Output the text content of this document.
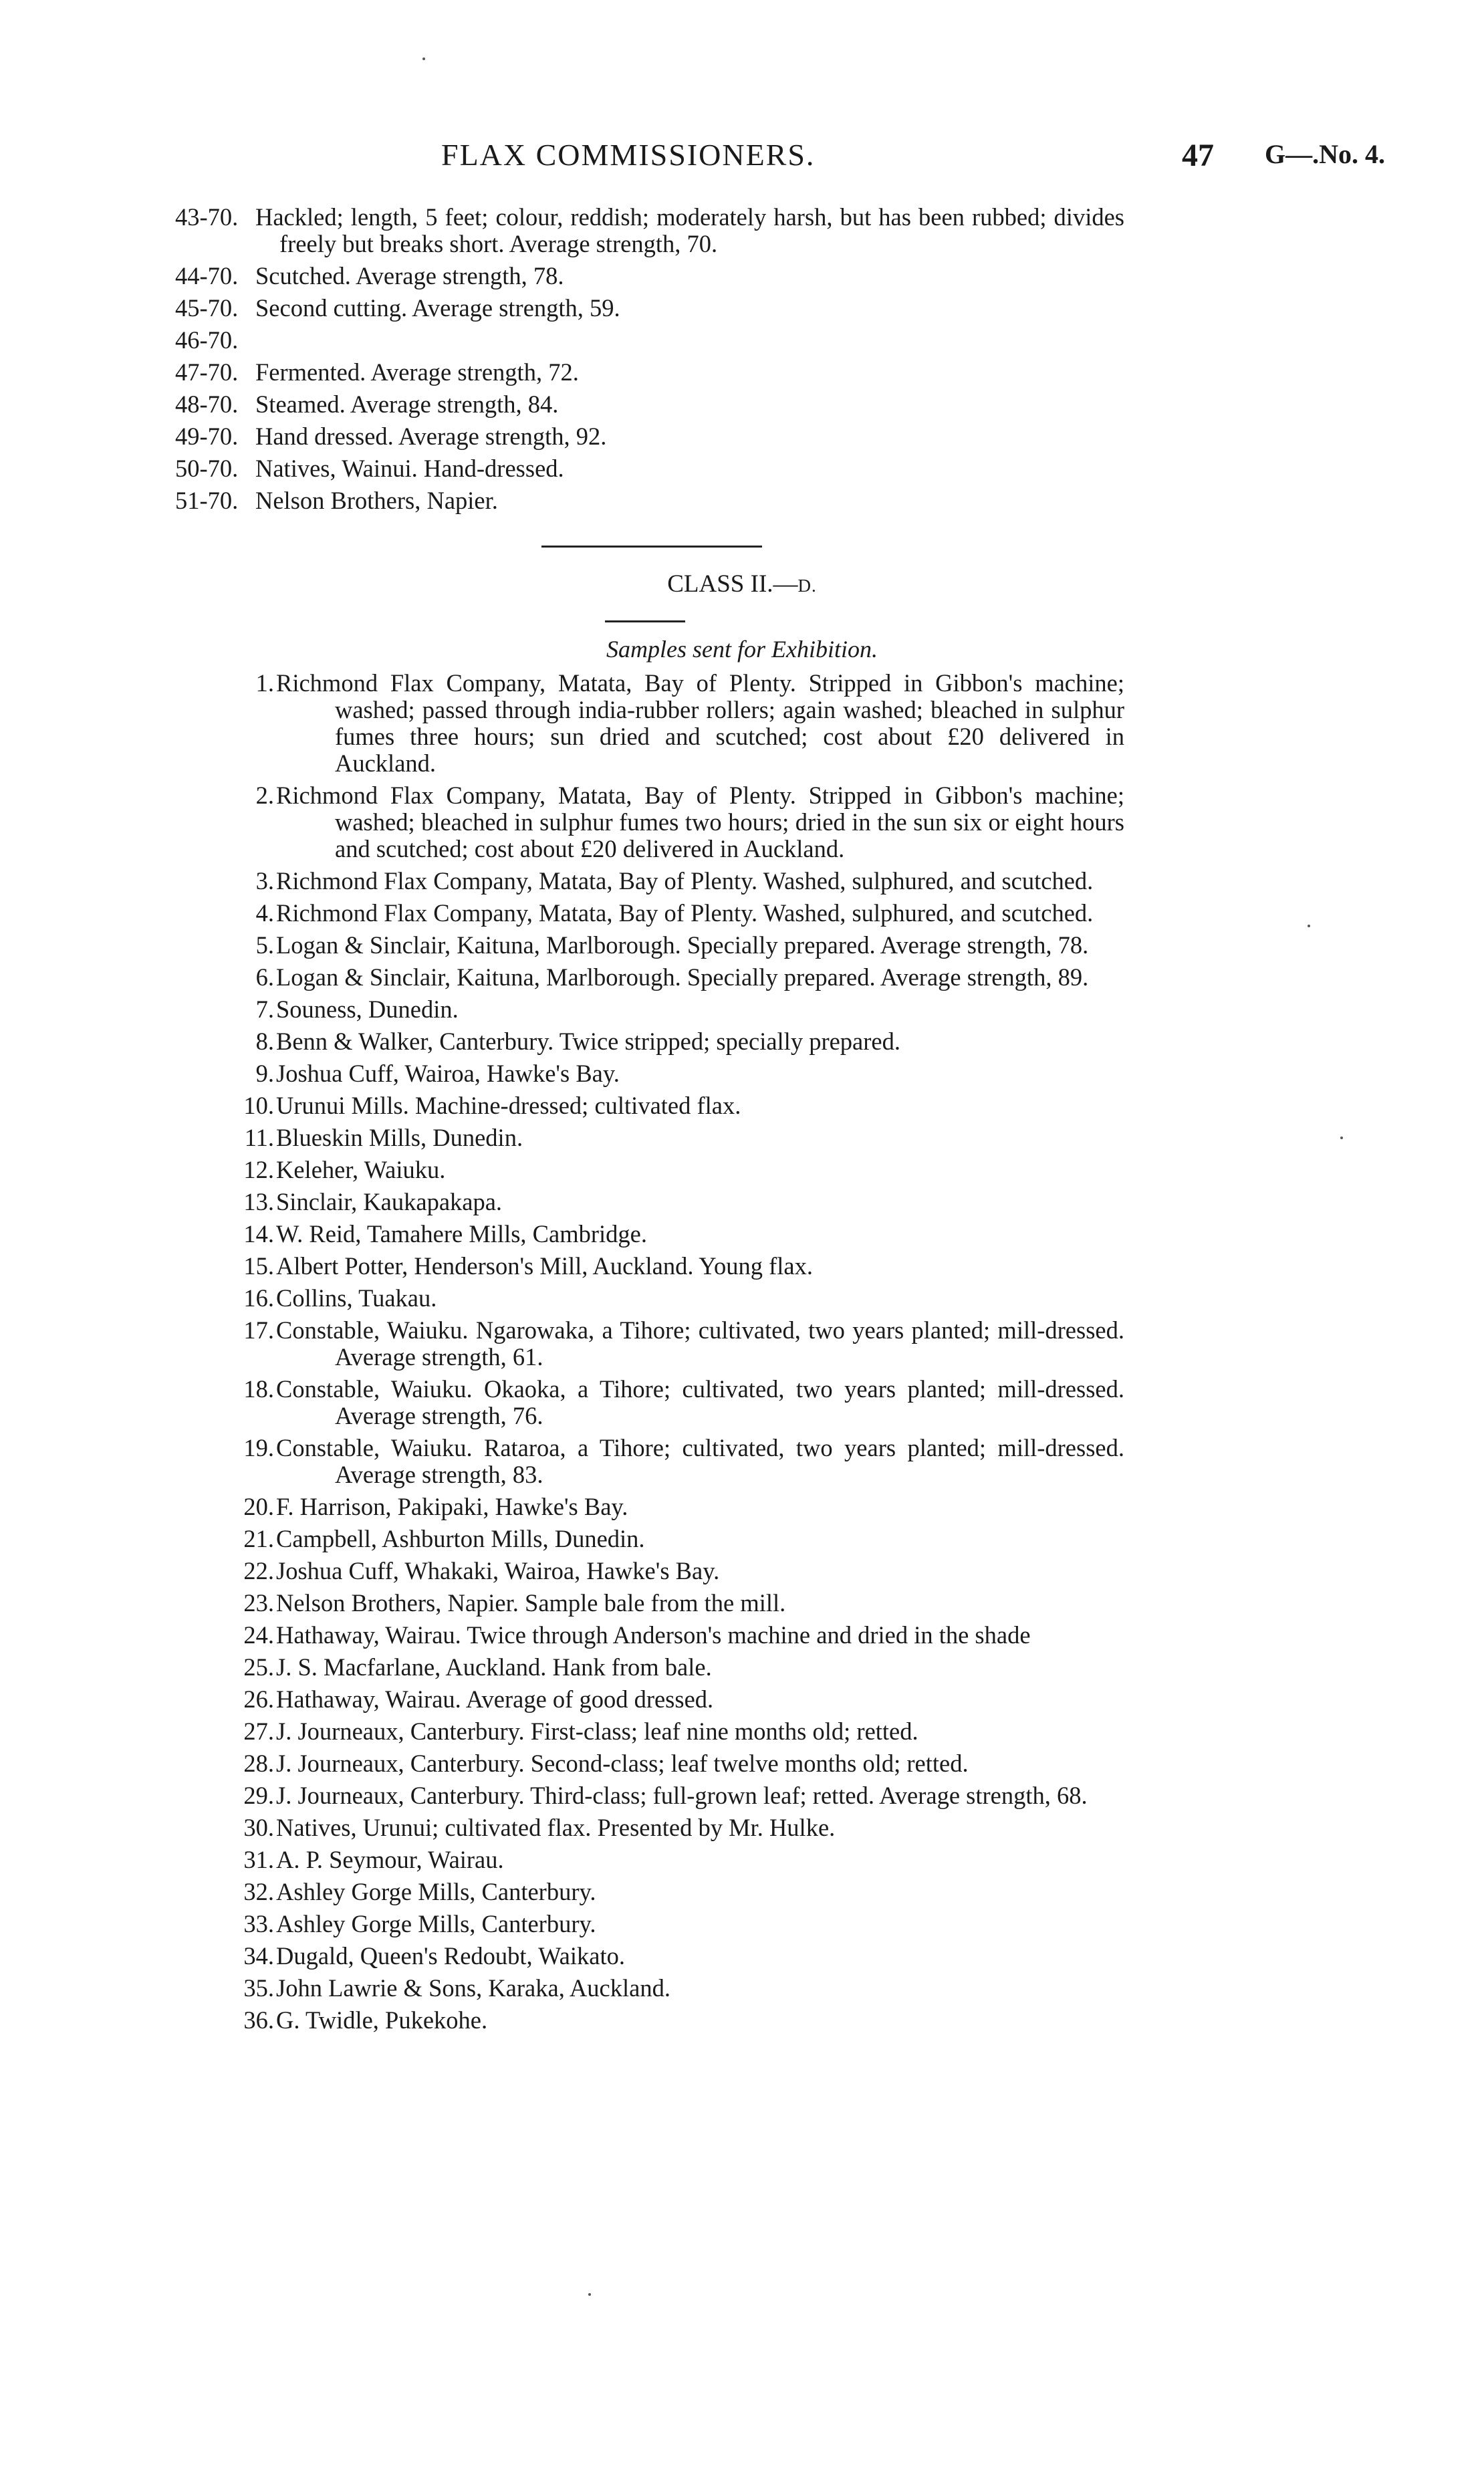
FLAX COMMISSIONERS.	47 G—.No. 4.
43-70. Hackled; length, 5 feet; colour, reddish; moderately harsh, but has been rubbed; divides freely but breaks short. Average strength, 70.
44-70. Scutched. Average strength, 78.
45-70. Second cutting. Average strength, 59.
46-70.

47-70. Fermented. Average strength, 72.
48-70. Steamed. Average strength, 84.
49-70. Hand dressed. Average strength, 92.
50-70. Natives, Wainui. Hand-dressed.
51-70. Nelson Brothers, Napier.
CLASS II.—D.
Samples sent for Exhibition.
1. Richmond Flax Company, Matata, Bay of Plenty. Stripped in Gibbon's machine; washed; passed through india-rubber rollers; again washed; bleached in sulphur fumes three hours; sun dried and scutched; cost about £20 delivered in Auckland.
2. Richmond Flax Company, Matata, Bay of Plenty. Stripped in Gibbon's machine; washed; bleached in sulphur fumes two hours; dried in the sun six or eight hours and scutched; cost about £20 delivered in Auckland.
3. Richmond Flax Company, Matata, Bay of Plenty. Washed, sulphured, and scutched.
4. Richmond Flax Company, Matata, Bay of Plenty. Washed, sulphured, and scutched.
5. Logan & Sinclair, Kaituna, Marlborough. Specially prepared. Average strength, 78.
6. Logan & Sinclair, Kaituna, Marlborough. Specially prepared. Average strength, 89.
7. Souness, Dunedin.
8. Benn & Walker, Canterbury. Twice stripped; specially prepared.
9. Joshua Cuff, Wairoa, Hawke's Bay.
10. Urunui Mills. Machine-dressed; cultivated flax.
11. Blueskin Mills, Dunedin.
12. Keleher, Waiuku.
13. Sinclair, Kaukapakapa.
14. W. Reid, Tamahere Mills, Cambridge.
15. Albert Potter, Henderson's Mill, Auckland. Young flax.
16. Collins, Tuakau.
17. Constable, Waiuku. Ngarowaka, a Tihore; cultivated, two years planted; mill-dressed. Average strength, 61.
18. Constable, Waiuku. Okaoka, a Tihore; cultivated, two years planted; mill-dressed. Average strength, 76.
19. Constable, Waiuku. Rataroa, a Tihore; cultivated, two years planted; mill-dressed. Average strength, 83.
20. F. Harrison, Pakipaki, Hawke's Bay.
21. Campbell, Ashburton Mills, Dunedin.
22. Joshua Cuff, Whakaki, Wairoa, Hawke's Bay.
23. Nelson Brothers, Napier. Sample bale from the mill.
24. Hathaway, Wairau. Twice through Anderson's machine and dried in the shade
25. J. S. Macfarlane, Auckland. Hank from bale.
26. Hathaway, Wairau. Average of good dressed.
27. J. Journeaux, Canterbury. First-class; leaf nine months old; retted.
28. J. Journeaux, Canterbury. Second-class; leaf twelve months old; retted.
29. J. Journeaux, Canterbury. Third-class; full-grown leaf; retted. Average strength, 68.
30. Natives, Urunui; cultivated flax. Presented by Mr. Hulke.
31. A. P. Seymour, Wairau.
32. Ashley Gorge Mills, Canterbury.
33. Ashley Gorge Mills, Canterbury.
34. Dugald, Queen's Redoubt, Waikato.
35. John Lawrie & Sons, Karaka, Auckland.
36. G. Twidle, Pukekohe.
